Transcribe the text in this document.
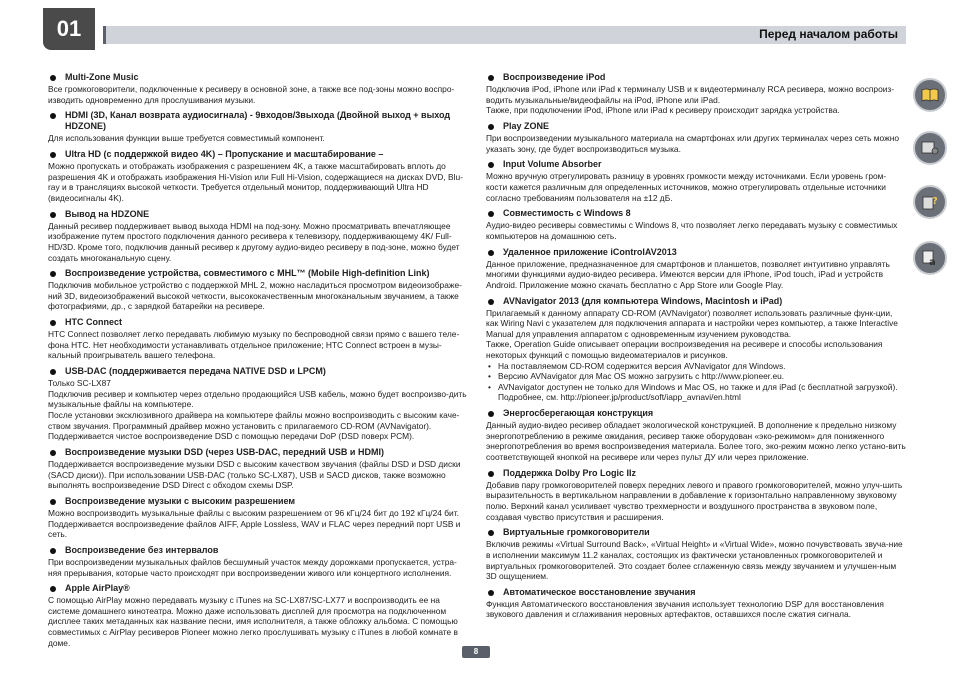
01	Перед началом работы
Multi-Zone Music
Все громкоговорители, подключенные к ресиверу в основной зоне, а также все под-зоны можно воспро-изводить одновременно для прослушивания музыки.
HDMI (3D, Канал возврата аудиосигнала) - 9входов/3выхода (Двойной выход + выход HDZONE)
Для использования функции выше требуется совместимый компонент.
Ultra HD (с поддержкой видео 4K) – Пропускание и масштабирование –
Можно пропускать и отображать изображения с разрешением 4K, а также масштабировать вплоть до разрешения 4K и отображать изображения Hi-Vision или Full Hi-Vision, содержащиеся на дисках DVD, Blu-ray и в трансляциях высокой четкости. Требуется отдельный монитор, поддерживающий Ultra HD (видеосигналы 4K).
Вывод на HDZONE
Данный ресивер поддерживает вывод выхода HDMI на под-зону. Можно просматривать впечатляющее изображение путем простого подключения данного ресивера к телевизору, поддерживающему 4K/ Full-HD/3D. Кроме того, подключив данный ресивер к другому аудио-видео ресиверу в под-зоне, можно будет создать многоканальную сцену.
Воспроизведение устройства, совместимого с MHL™ (Mobile High-definition Link)
Подключив мобильное устройство с поддержкой MHL 2, можно насладиться просмотром видеоизображе-ний 3D, видеоизображений высокой четкости, высококачественным многоканальным звучанием, а также фотографиями, др., с зарядкой батарейки на ресивере.
HTC Connect
HTC Connect позволяет легко передавать любимую музыку по беспроводной связи прямо с вашего теле-фона HTC. Нет необходимости устанавливать отдельное приложение; HTC Connect встроен в музы-кальный проигрыватель вашего телефона.
USB-DAC (поддерживается передача NATIVE DSD и LPCM)
Только SC-LX87
Подключив ресивер и компьютер через отдельно продающийся USB кабель, можно будет воспроизво-дить музыкальные файлы на компьютере.
После установки эксклюзивного драйвера на компьютере файлы можно воспроизводить с высоким каче-ством звучания. Программный драйвер можно установить с прилагаемого CD-ROM (AVNavigator). Поддерживается чистое воспроизведение DSD с помощью передачи DoP (DSD поверх PCM).
Воспроизведение музыки DSD (через USB-DAC, передний USB и HDMI)
Поддерживается воспроизведение музыки DSD с высоким качеством звучания (файлы DSD и DSD диски (SACD диски)). При использовании USB-DAC (только SC-LX87), USB и SACD дисков, также возможно выполнять воспроизведение DSD Direct с обходом схемы DSP.
Воспроизведение музыки с высоким разрешением
Можно воспроизводить музыкальные файлы с высоким разрешением от 96 кГц/24 бит до 192 кГц/24 бит. Поддерживается воспроизведение файлов AIFF, Apple Lossless, WAV и FLAC через передний порт USB и сеть.
Воспроизведение без интервалов
При воспроизведении музыкальных файлов бесшумный участок между дорожками пропускается, устра-няя прерывания, которые часто происходят при воспроизведении живого или концертного исполнения.
Apple AirPlay®
С помощью AirPlay можно передавать музыку с iTunes на SC-LX87/SC-LX77 и воспроизводить ее на системе домашнего кинотеатра. Можно даже использовать дисплей для просмотра на подключенном дисплее таких метаданных как название песни, имя исполнителя, а также обложку альбома. С помощью совместимых с AirPlay ресиверов Pioneer можно легко прослушивать музыку с iTunes в любой комнате в доме.
Воспроизведение iPod
Подключив iPod, iPhone или iPad к терминалу USB и к видеотерминалу RCA ресивера, можно воспроиз-водить музыкальные/видеофайлы на iPod, iPhone или iPad.
Также, при подключении iPod, iPhone или iPad к ресиверу происходит зарядка устройства.
Play ZONE
При воспроизведении музыкального материала на смартфонах или других терминалах через сеть можно указать зону, где будет воспроизводиться музыка.
Input Volume Absorber
Можно вручную отрегулировать разницу в уровнях громкости между источниками. Если уровень гром-кости кажется различным для определенных источников, можно отрегулировать отдельные источники согласно требованиям пользователя на ±12 дБ.
Совместимость с Windows 8
Аудио-видео ресиверы совместимы с Windows 8, что позволяет легко передавать музыку с совместимых компьютеров на домашнюю сеть.
Удаленное приложение iControlAV2013
Данное приложение, предназначенное для смартфонов и планшетов, позволяет интуитивно управлять многими функциями аудио-видео ресивера. Имеются версии для iPhone, iPod touch, iPad и устройств Android. Приложение можно скачать бесплатно с App Store или Google Play.
AVNavigator 2013 (для компьютера Windows, Macintosh и iPad)
Прилагаемый к данному аппарату CD-ROM (AVNavigator) позволяет использовать различные функ-ции, как Wiring Navi с указателем для подключения аппарата и настройки через компьютер, а также Interactive Manual для управления аппаратом с одновременным изучением руководства.
Также, Operation Guide описывает операции воспроизведения на ресивере и способы использования некоторых функций с помощью видеоматериалов и рисунков.
• На поставляемом CD-ROM содержится версия AVNavigator для Windows.
• Версию AVNavigator для Mac OS можно загрузить с http://www.pioneer.eu.
• AVNavigator доступен не только для Windows и Mac OS, но также и для iPad (с бесплатной загрузкой). Подробнее, см. http://pioneer.jp/product/soft/iapp_avnavi/en.html
Энергосберегающая конструкция
Данный аудио-видео ресивер обладает экологической конструкцией. В дополнение к предельно низкому энергопотреблению в режиме ожидания, ресивер также оборудован «эко-режимом» для пониженного энергопотребления во время воспроизведения материала. Более того, эко-режим можно легко устано-вить соответствующей кнопкой на ресивере или через пульт ДУ или через приложение.
Поддержка Dolby Pro Logic IIz
Добавив пару громкоговорителей поверх передних левого и правого громкоговорителей, можно улуч-шить выразительность в вертикальном направлении в добавление к горизонтально направленному звуковому полю. Верхний канал усиливает чувство трехмерности и воздушного пространства в звуковом поле, создавая чувство присутствия и расширения.
Виртуальные громкоговорители
Включив режимы «Virtual Surround Back», «Virtual Height» и «Virtual Wide», можно почувствовать звуча-ние в исполнении максимум 11.2 каналах, состоящих из фактически установленных громкоговорителей и виртуальных громкоговорителей. Это создает более сглаженную связь между звучанием и улучшен-ным 3D ощущением.
Автоматическое восстановление звучания
Функция Автоматического восстановления звучания использует технологию DSP для восстановления звукового давления и сглаживания неровных артефактов, оставшихся после сжатия сигнала.
?
a
8
